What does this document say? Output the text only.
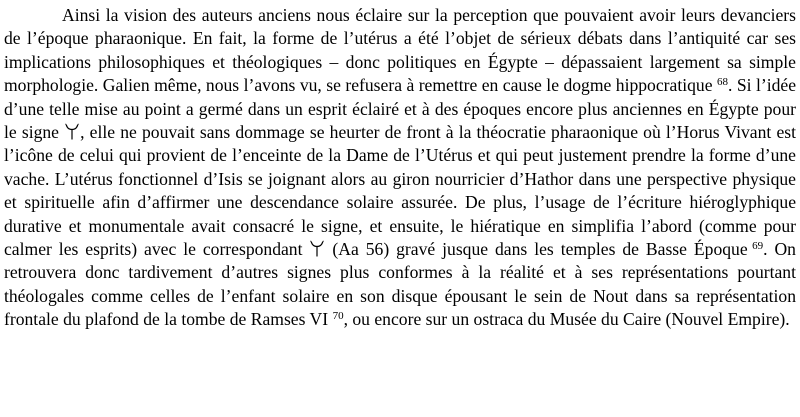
Ainsi la vision des auteurs anciens nous éclaire sur la perception que pouvaient avoir leurs devanciers de l’époque pharaonique. En fait, la forme de l’utérus a été l’objet de sérieux débats dans l’antiquité car ses implications philosophiques et théologiques – donc politiques en Égypte – dépassaient largement sa simple morphologie. Galien même, nous l’avons vu, se refusera à remettre en cause le dogme hippocratique  $^{68}$. Si l’idée d’une telle mise au point a germé dans un esprit éclairé et à des époques encore plus anciennes en Égypte pour le signe , elle ne pouvait sans dommage se heurter de front à la théocratie pharaonique où l’Horus Vivant est l’icône de celui qui provient de l’enceinte de la Dame de l’Utérus et qui peut justement prendre la forme d’une vache. L’utérus fonctionnel d’Isis se joignant alors au giron nourricier d’Hathor dans une perspective physique et spirituelle afin d’affirmer une descendance solaire assurée. De plus, l’usage de l’écriture hiéroglyphique durative et monumentale avait consacré le signe, et ensuite, le hiératique en simplifia l’abord (comme pour calmer les esprits) avec le correspondant (Aa 56) gravé jusque dans les temples de Basse Époque  $^{69}$. On retrouvera donc tardivement d’autres signes plus conformes à la réalité et à ses représentations pourtant théologales comme celles de l’enfant solaire en son disque épousant le sein de Nout dans sa représentation frontale du plafond de la tombe de Ramses VI  $^{70}$, ou encore sur un ostraca du Musée du Caire (Nouvel Empire).
